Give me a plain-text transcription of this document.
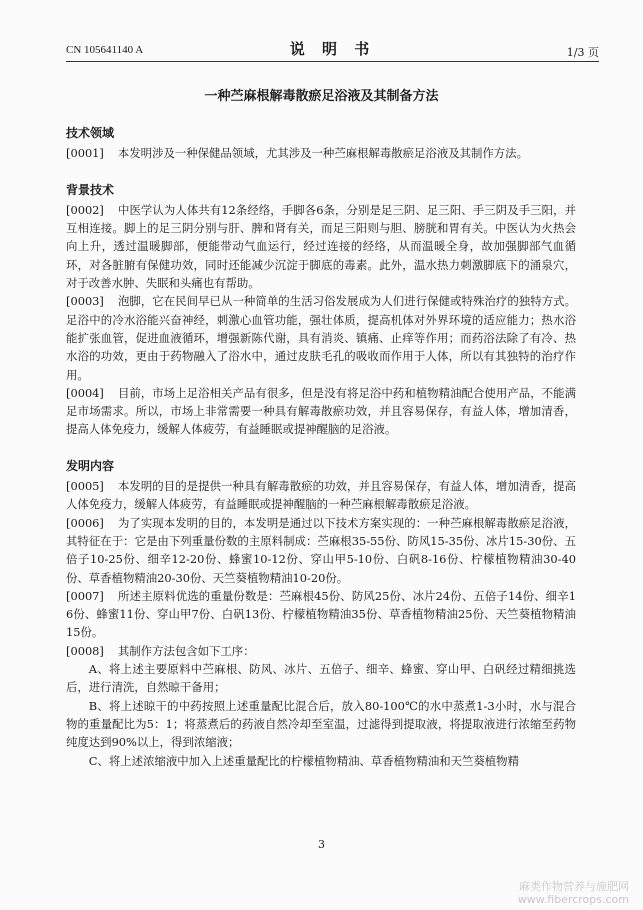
CN 105641140 A	说 明 书	1/3 页
一种苎麻根解毒散瘀足浴液及其制备方法
技术领域
[0001] 本发明涉及一种保健品领域，尤其涉及一种苎麻根解毒散瘀足浴液及其制作方法。
背景技术
[0002] 中医学认为人体共有12条经络，手脚各6条，分别是足三阴、足三阳、手三阴及手三阳，并互相连接。脚上的足三阴分别与肝、脾和肾有关，而足三阳则与胆、膀胱和胃有关。中医认为火热会向上升，透过温暖脚部，便能带动气血运行，经过连接的经络，从而温暖全身，故加强脚部气血循环，对各脏腑有保健功效，同时还能减少沉淀于脚底的毒素。此外，温水热力刺激脚底下的涌泉穴，对于改善水肿、失眠和头痛也有帮助。
[0003] 泡脚，它在民间早已从一种简单的生活习俗发展成为人们进行保健或特殊治疗的独特方式。足浴中的冷水浴能兴奋神经，刺激心血管功能，强壮体质，提高机体对外界环境的适应能力；热水浴能扩张血管，促进血液循环，增强新陈代谢，具有消炎、镇痛、止痒等作用；而药浴法除了有冷、热水浴的功效，更由于药物融入了浴水中，通过皮肤毛孔的吸收而作用于人体，所以有其独特的治疗作用。
[0004] 目前，市场上足浴相关产品有很多，但是没有将足浴中药和植物精油配合使用产品，不能满足市场需求。所以，市场上非常需要一种具有解毒散瘀功效，并且容易保存，有益人体，增加清香，提高人体免疫力，缓解人体疲劳，有益睡眠或提神醒脑的足浴液。
发明内容
[0005] 本发明的目的是提供一种具有解毒散瘀的功效，并且容易保存，有益人体，增加清香，提高人体免疫力，缓解人体疲劳，有益睡眠或提神醒脑的一种苎麻根解毒散瘀足浴液。
[0006] 为了实现本发明的目的，本发明是通过以下技术方案实现的：一种苎麻根解毒散瘀足浴液，其特征在于：它是由下列重量份数的主原料制成：苎麻根35-55份、防风15-35份、冰片15-30份、五倍子10-25份、细辛12-20份、蜂蜜10-12份、穿山甲5-10份、白矾8-16份、柠檬植物精油30-40份、草香植物精油20-30份、天竺葵植物精油10-20份。
[0007] 所述主原料优选的重量份数是：苎麻根45份、防风25份、冰片24份、五倍子14份、细辛16份、蜂蜜11份、穿山甲7份、白矾13份、柠檬植物精油35份、草香植物精油25份、天竺葵植物精油15份。
[0008] 其制作方法包含如下工序：
A、将上述主要原料中苎麻根、防风、冰片、五倍子、细辛、蜂蜜、穿山甲、白矾经过精细挑选后，进行清洗，自然晾干备用；
B、将上述晾干的中药按照上述重量配比混合后，放入80-100℃的水中蒸煮1-3小时，水与混合物的重量配比为5：1；将蒸煮后的药液自然冷却至室温，过滤得到提取液，将提取液进行浓缩至药物纯度达到90%以上，得到浓缩液；
C、将上述浓缩液中加入上述重量配比的柠檬植物精油、草香植物精油和天竺葵植物精
3
麻类作物营养与施肥网
www.fibercrops.com
